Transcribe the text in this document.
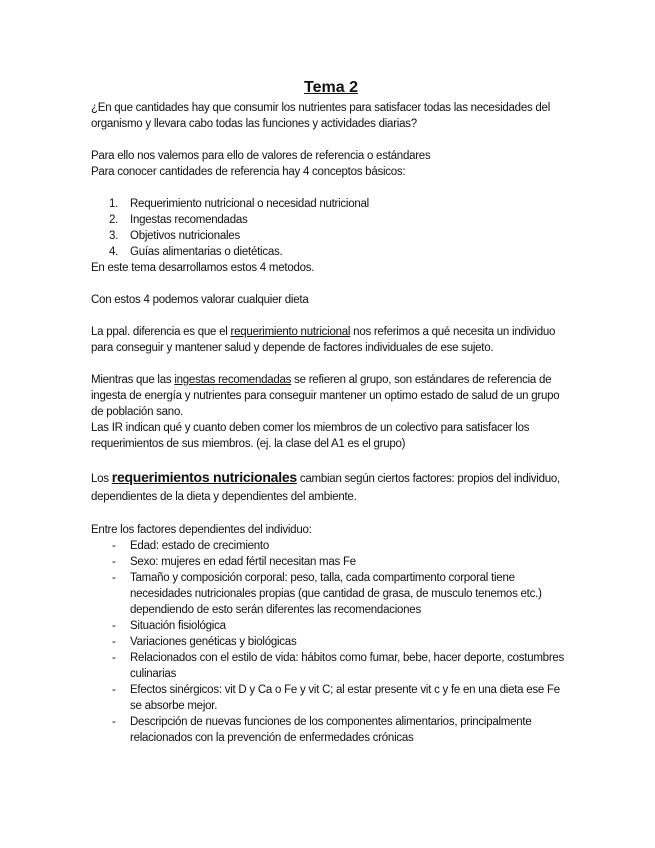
Tema 2

¿En que cantidades hay que consumir los nutrientes para satisfacer todas las necesidades del organismo y llevara cabo todas las funciones y actividades diarias?

Para ello nos valemos para ello de valores de referencia o estándares

Para conocer cantidades de referencia hay 4 conceptos básicos:

1. Requerimiento nutricional o necesidad nutricional
2. Ingestas recomendadas
3. Objetivos nutricionales
4. Guías alimentarias o dietéticas.

En este tema desarrollamos estos 4 metodos.

Con estos 4 podemos valorar cualquier dieta

La ppal. diferencia es que el requerimiento nutricional nos referimos a qué necesita un individuo para conseguir y mantener salud y depende de factores individuales de ese sujeto.

Mientras que las ingestas recomendadas se refieren al grupo, son estándares de referencia de ingesta de energía y nutrientes para conseguir mantener un optimo estado de salud de un grupo de población sano.

Las IR indican qué y cuanto deben comer los miembros de un colectivo para satisfacer los requerimientos de sus miembros. (ej. la clase del A1 es el grupo)

Los requerimientos nutricionales cambian según ciertos factores: propios del individuo, dependientes de la dieta y dependientes del ambiente.

Entre los factores dependientes del individuo:

- Edad: estado de crecimiento
- Sexo: mujeres en edad fértil necesitan mas Fe
- Tamaño y composición corporal: peso, talla, cada compartimento corporal tiene necesidades nutricionales propias (que cantidad de grasa, de musculo tenemos etc.) dependiendo de esto serán diferentes las recomendaciones
- Situación fisiológica
- Variaciones genéticas y biológicas
- Relacionados con el estilo de vida: hábitos como fumar, bebe, hacer deporte, costumbres culinarias
- Efectos sinérgicos: vit D y Ca o Fe y vit C; al estar presente vit c y fe en una dieta ese Fe se absorbe mejor.
- Descripción de nuevas funciones de los componentes alimentarios, principalmente relacionados con la prevención de enfermedades crónicas
